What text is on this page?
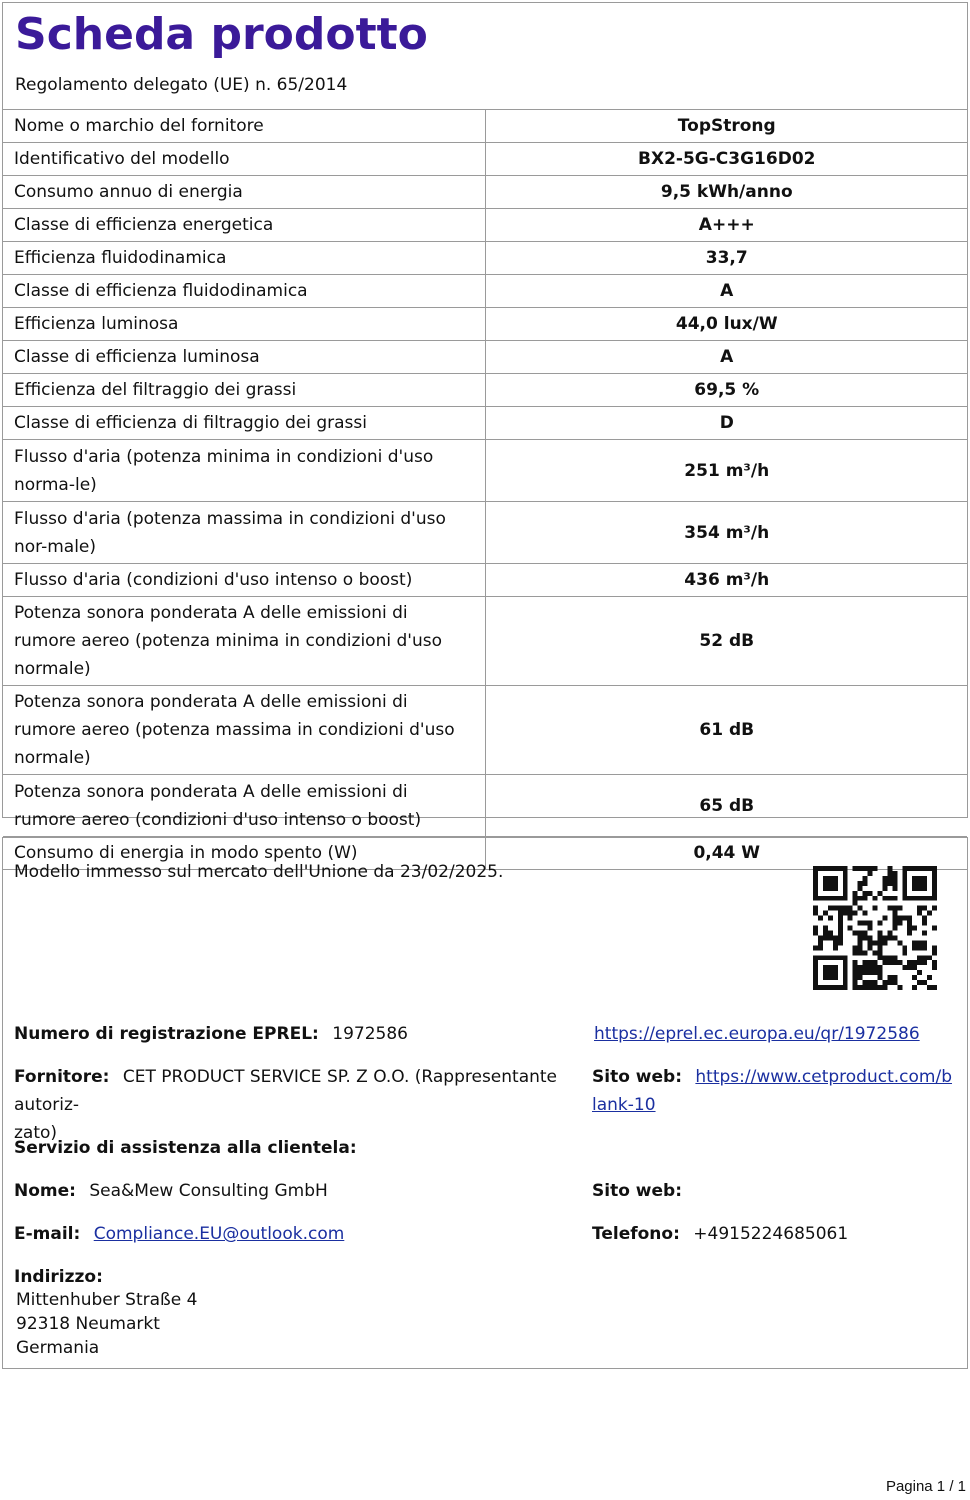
Scheda prodotto
Regolamento delegato (UE) n. 65/2014
Nome o marchio del fornitore	TopStrong
Identificativo del modello	BX2-5G-C3G16D02
Consumo annuo di energia	9,5 kWh/anno
Classe di efficienza energetica	A+++
Efficienza fluidodinamica	33,7
Classe di efficienza fluidodinamica	A
Efficienza luminosa	44,0 lux/W
Classe di efficienza luminosa	A
Efficienza del filtraggio dei grassi	69,5 %
Classe di efficienza di filtraggio dei grassi	D
Flusso d'aria (potenza minima in condizioni d'uso norma-le)	251 m³/h
Flusso d'aria (potenza massima in condizioni d'uso nor-male)	354 m³/h
Flusso d'aria (condizioni d'uso intenso o boost)	436 m³/h
Potenza sonora ponderata A delle emissioni di rumore aereo (potenza minima in condizioni d'uso normale)	52 dB
Potenza sonora ponderata A delle emissioni di rumore aereo (potenza massima in condizioni d'uso normale)	61 dB
Potenza sonora ponderata A delle emissioni di rumore aereo (condizioni d'uso intenso o boost)	65 dB
Consumo di energia in modo spento (W)	0,44 W
Modello immesso sul mercato dell'Unione da 23/02/2025.
Numero di registrazione EPREL: 1972586	https://eprel.ec.europa.eu/qr/1972586
Fornitore: CET PRODUCT SERVICE SP. Z O.O. (Rappresentante autoriz-
zato)
Sito web: https://www.cetproduct.com/b
lank-10
Servizio di assistenza alla clientela:
Nome: Sea&Mew Consulting GmbH	Sito web:
E-mail: Compliance.EU@outlook.com	Telefono: +4915224685061
Indirizzo:
Mittenhuber Straße 4
92318 Neumarkt
Germania
Pagina 1 / 1
